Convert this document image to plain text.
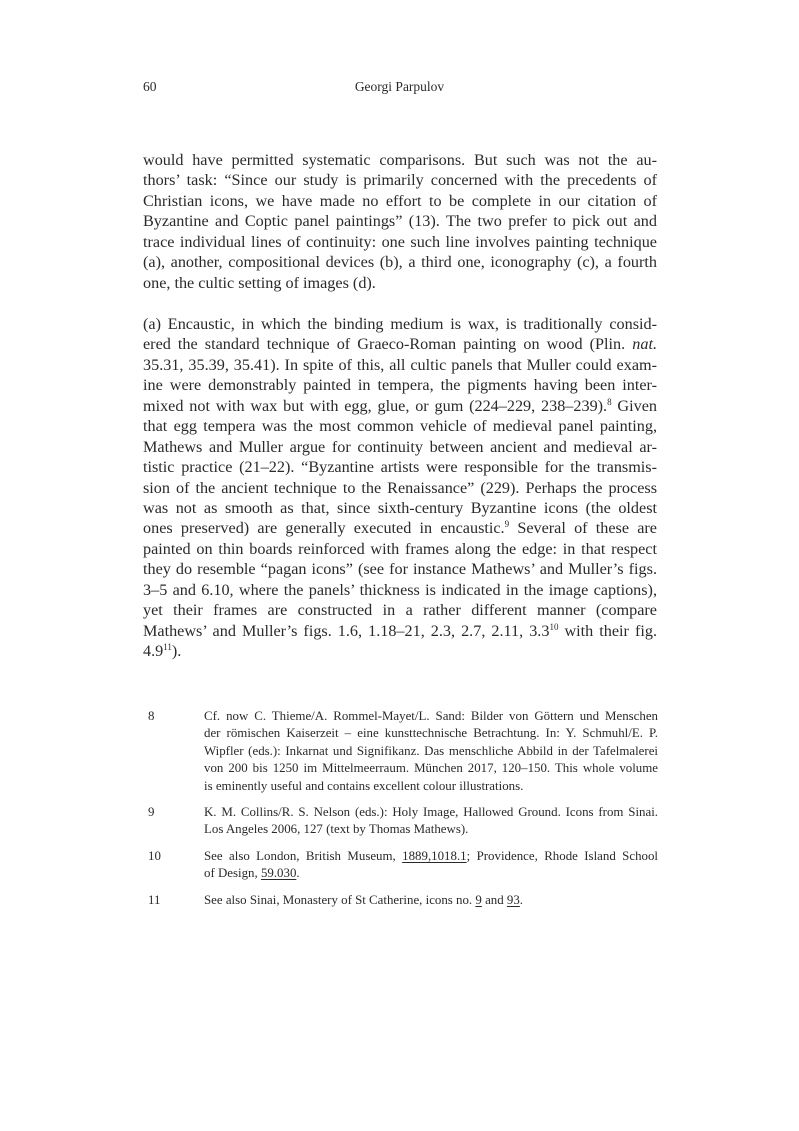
60	Georgi Parpulov
would have permitted systematic comparisons. But such was not the au-
thors’ task: “Since our study is primarily concerned with the precedents of
Christian icons, we have made no effort to be complete in our citation of
Byzantine and Coptic panel paintings” (13). The two prefer to pick out and
trace individual lines of continuity: one such line involves painting technique
(a), another, compositional devices (b), a third one, iconography (c), a fourth
one, the cultic setting of images (d).
(a) Encaustic, in which the binding medium is wax, is traditionally consid-
ered the standard technique of Graeco-Roman painting on wood (Plin. nat.
35.31, 35.39, 35.41). In spite of this, all cultic panels that Muller could exam-
ine were demonstrably painted in tempera, the pigments having been inter-
mixed not with wax but with egg, glue, or gum (224–229, 238–239).$^8$ Given
that egg tempera was the most common vehicle of medieval panel painting,
Mathews and Muller argue for continuity between ancient and medieval ar-
tistic practice (21–22). “Byzantine artists were responsible for the transmis-
sion of the ancient technique to the Renaissance” (229). Perhaps the process
was not as smooth as that, since sixth-century Byzantine icons (the oldest
ones preserved) are generally executed in encaustic.$^9$ Several of these are
painted on thin boards reinforced with frames along the edge: in that respect
they do resemble “pagan icons” (see for instance Mathews’ and Muller’s figs.
3–5 and 6.10, where the panels’ thickness is indicated in the image captions),
yet their frames are constructed in a rather different manner (compare
Mathews’ and Muller’s figs. 1.6, 1.18–21, 2.3, 2.7, 2.11, $3.3^{10}$ with their fig.
$4.9^{11}$).
8	Cf. now C. Thieme/A. Rommel-Mayet/L. Sand: Bilder von Göttern und Menschen
der römischen Kaiserzeit – eine kunsttechnische Betrachtung. In: Y. Schmuhl/E. P.
Wipfler (eds.): Inkarnat und Signifikanz. Das menschliche Abbild in der Tafelmalerei
von 200 bis 1250 im Mittelmeerraum. München 2017, 120–150. This whole volume
is eminently useful and contains excellent colour illustrations.
9	K. M. Collins/R. S. Nelson (eds.): Holy Image, Hallowed Ground. Icons from Sinai.
Los Angeles 2006, 127 (text by Thomas Mathews).
10	See also London, British Museum, 1889,1018.1; Providence, Rhode Island School
of Design, 59.030.
11	See also Sinai, Monastery of St Catherine, icons no. 9 and 93.
